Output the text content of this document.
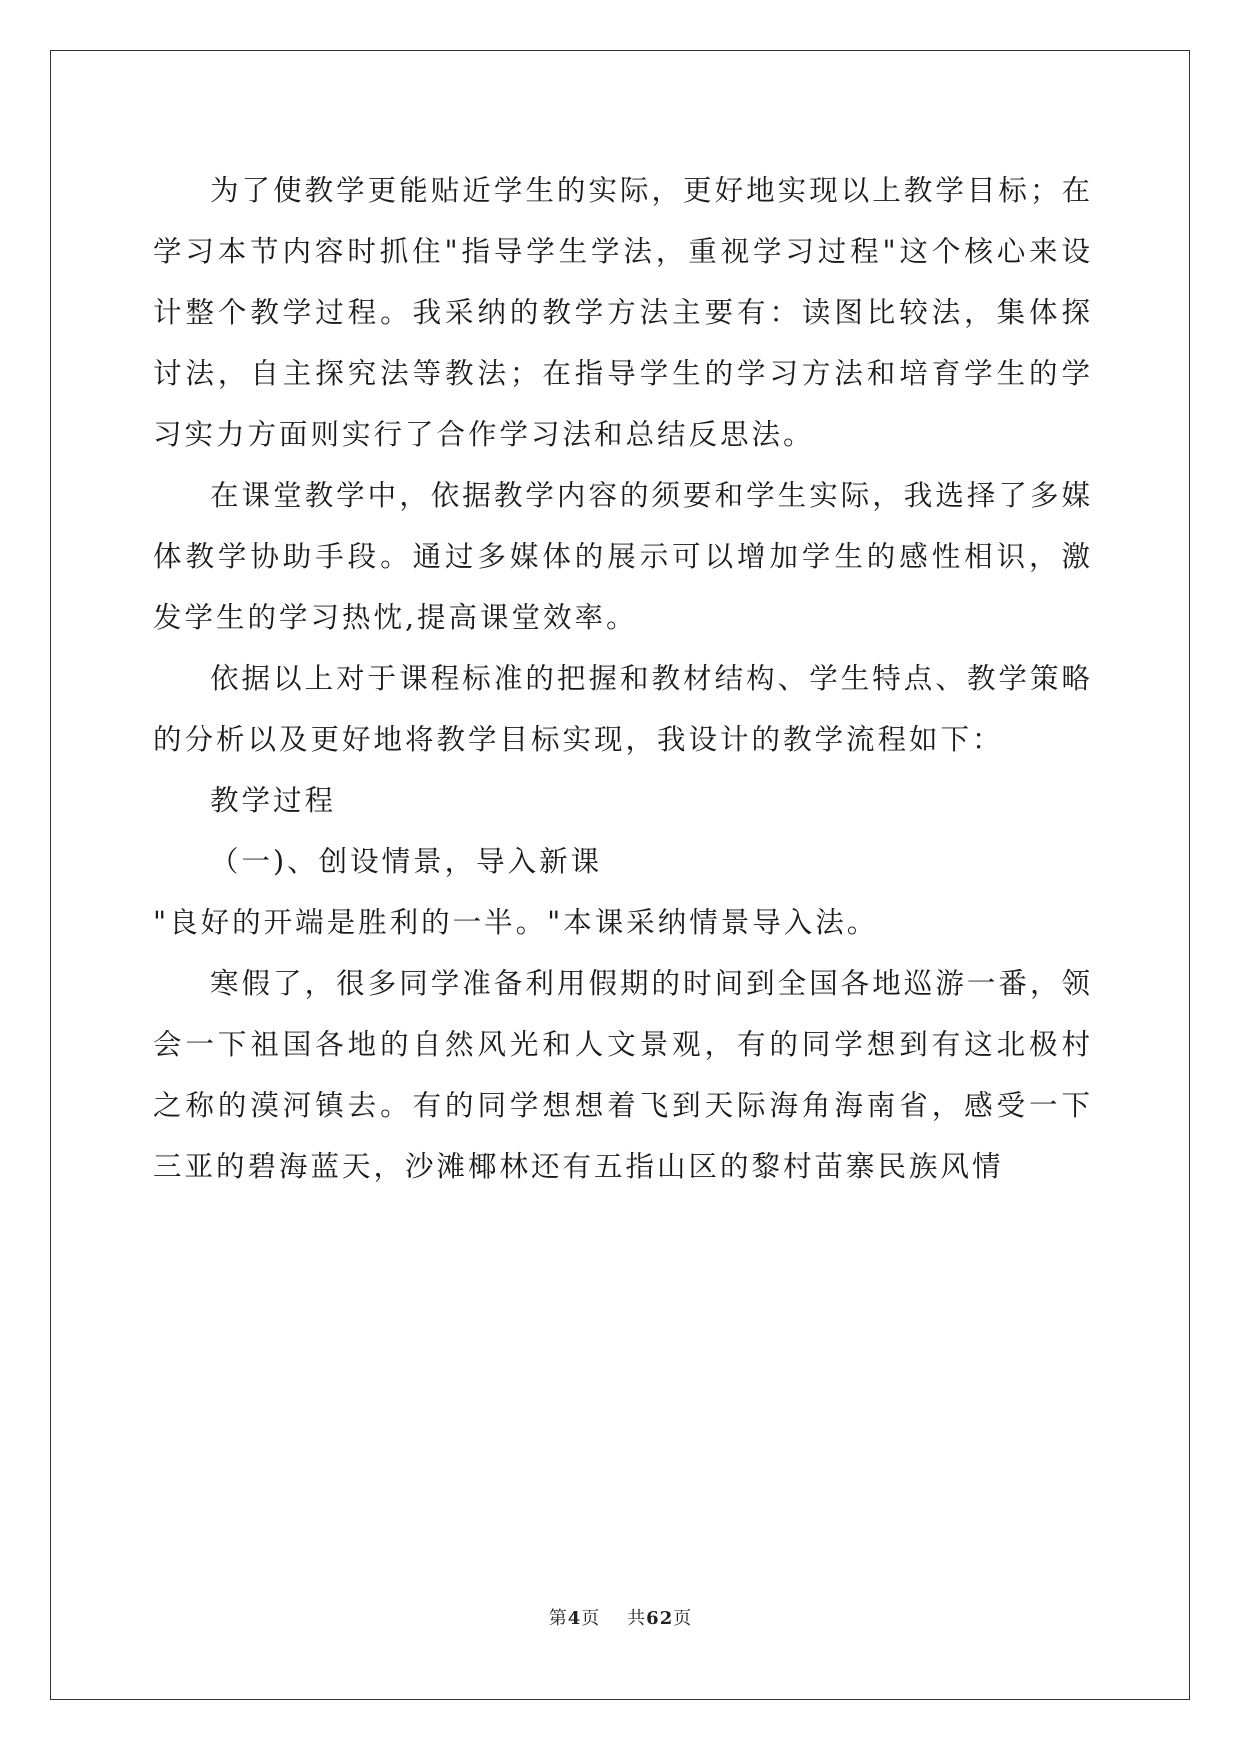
为了使教学更能贴近学生的实际，更好地实现以上教学目标；在学习本节内容时抓住"指导学生学法，重视学习过程"这个核心来设计整个教学过程。我采纳的教学方法主要有：读图比较法，集体探讨法，自主探究法等教法；在指导学生的学习方法和培育学生的学习实力方面则实行了合作学习法和总结反思法。

在课堂教学中，依据教学内容的须要和学生实际，我选择了多媒体教学协助手段。通过多媒体的展示可以增加学生的感性相识，激发学生的学习热忱,提高课堂效率。

依据以上对于课程标准的把握和教材结构、学生特点、教学策略的分析以及更好地将教学目标实现，我设计的教学流程如下：

教学过程

（一)、创设情景，导入新课

"良好的开端是胜利的一半。"本课采纳情景导入法。

寒假了，很多同学准备利用假期的时间到全国各地巡游一番，领会一下祖国各地的自然风光和人文景观，有的同学想到有这北极村之称的漠河镇去。有的同学想想着飞到天际海角海南省，感受一下三亚的碧海蓝天，沙滩椰林还有五指山区的黎村苗寨民族风情

第4页 共62页
